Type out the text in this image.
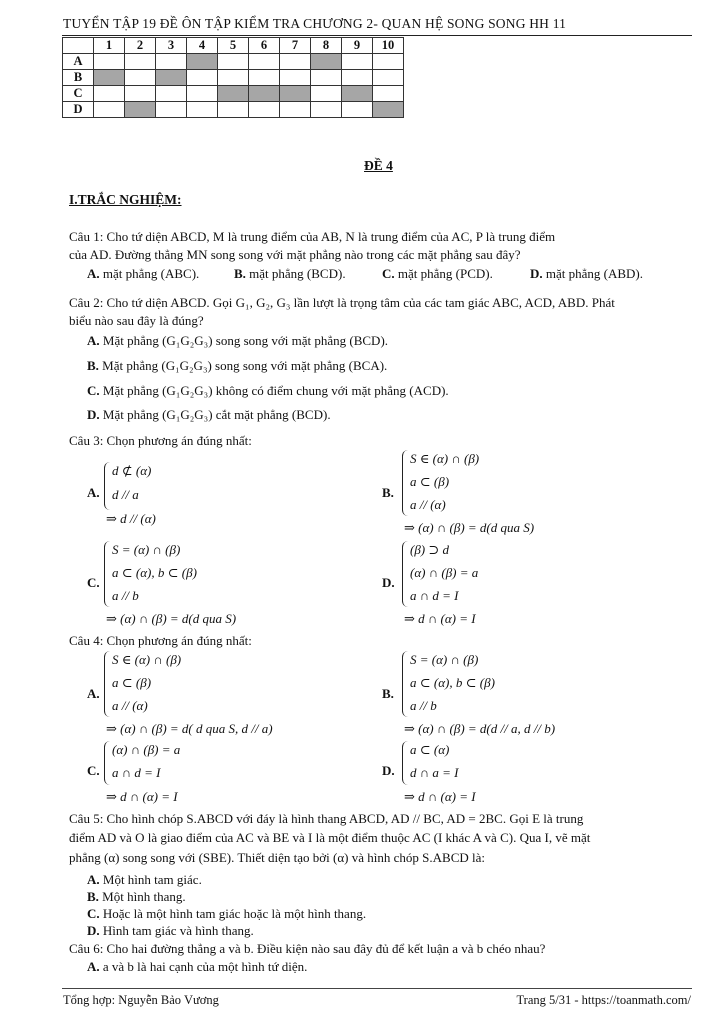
TUYỂN TẬP 19 ĐỀ ÔN TẬP KIỂM TRA CHƯƠNG 2- QUAN HỆ SONG SONG HH 11
	1	2	3	4	5	6	7	8	9	10
A										
B										
C										
D										
ĐỀ 4
I.TRẮC NGHIỆM:
Câu 1: Cho tứ diện ABCD, M là trung điểm của AB, N là trung điểm của AC, P là trung điểm
của AD. Đường thẳng MN song song với mặt phẳng nào trong các mặt phẳng sau đây?
A. mặt phẳng (ABC).	B. mặt phẳng (BCD).	C. mặt phẳng (PCD).	D. mặt phẳng (ABD).
Câu 2: Cho tứ diện ABCD. Gọi G₁, G₂, G₃ lần lượt là trọng tâm của các tam giác ABC, ACD, ABD. Phát
biểu nào sau đây là đúng?
A. Mặt phẳng (G₁G₂G₃) song song với mặt phẳng (BCD).
B. Mặt phẳng (G₁G₂G₃) song song với mặt phẳng (BCA).
C. Mặt phẳng (G₁G₂G₃) không có điểm chung với mặt phẳng (ACD).
D. Mặt phẳng (G₁G₂G₃) cắt mặt phẳng (BCD).
Câu 3: Chọn phương án đúng nhất:
A.
d ⊄ (α)
d // a
⇒ d // (α)
B.
S ∈ (α) ∩ (β)
a ⊂ (β)
a // (α)
⇒ (α) ∩ (β) = d(d qua S)
C.
S = (α) ∩ (β)
a ⊂ (α), b ⊂ (β)
a // b
⇒ (α) ∩ (β) = d(d qua S)
D.
(β) ⊃ d
(α) ∩ (β) = a
a ∩ d = I
⇒ d ∩ (α) = I
Câu 4: Chọn phương án đúng nhất:
A.
S ∈ (α) ∩ (β)
a ⊂ (β)
a // (α)
⇒ (α) ∩ (β) = d( d qua S, d // a)
B.
S = (α) ∩ (β)
a ⊂ (α), b ⊂ (β)
a // b
⇒ (α) ∩ (β) = d(d // a, d // b)
C.
(α) ∩ (β) = a
a ∩ d = I
⇒ d ∩ (α) = I
D.
a ⊂ (α)
d ∩ a = I
⇒ d ∩ (α) = I
Câu 5: Cho hình chóp S.ABCD với đáy là hình thang ABCD, AD // BC, AD = 2BC. Gọi E là trung
điểm AD và O là giao điểm của AC và BE và I là một điểm thuộc AC (I khác A và C). Qua I, vẽ mặt
phẳng (α) song song với (SBE). Thiết diện tạo bởi (α) và hình chóp S.ABCD là:
A. Một hình tam giác.
B. Một hình thang.
C. Hoặc là một hình tam giác hoặc là một hình thang.
D. Hình tam giác và hình thang.
Câu 6: Cho hai đường thẳng a và b. Điều kiện nào sau đây đủ để kết luận a và b chéo nhau?
A. a và b là hai cạnh của một hình tứ diện.
Tổng hợp: Nguyễn Bảo Vương	Trang 5/31 - https://toanmath.com/
